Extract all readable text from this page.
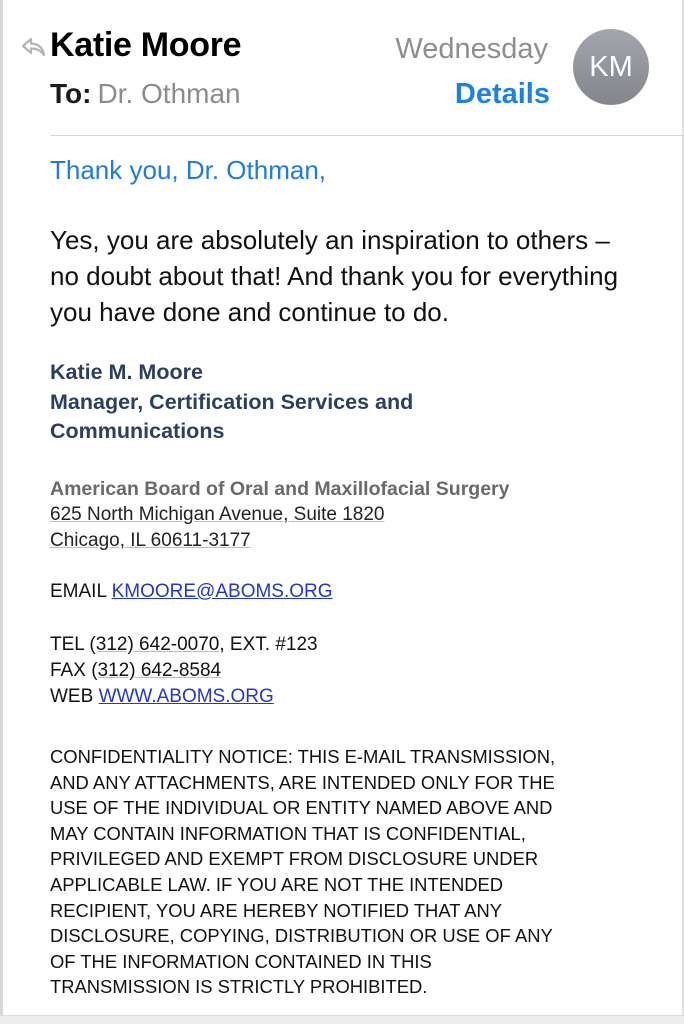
Katie Moore
To: Dr. Othman
Wednesday
Details
KM
Thank you, Dr. Othman,
Yes, you are absolutely an inspiration to others – no doubt about that! And thank you for everything you have done and continue to do.
Katie M. Moore
Manager, Certification Services and
Communications
American Board of Oral and Maxillofacial Surgery
625 North Michigan Avenue, Suite 1820
Chicago, IL 60611-3177
EMAIL KMOORE@ABOMS.ORG
TEL (312) 642-0070, EXT. #123
FAX (312) 642-8584
WEB WWW.ABOMS.ORG
CONFIDENTIALITY NOTICE: THIS E-MAIL TRANSMISSION,
AND ANY ATTACHMENTS, ARE INTENDED ONLY FOR THE
USE OF THE INDIVIDUAL OR ENTITY NAMED ABOVE AND
MAY CONTAIN INFORMATION THAT IS CONFIDENTIAL,
PRIVILEGED AND EXEMPT FROM DISCLOSURE UNDER
APPLICABLE LAW. IF YOU ARE NOT THE INTENDED
RECIPIENT, YOU ARE HEREBY NOTIFIED THAT ANY
DISCLOSURE, COPYING, DISTRIBUTION OR USE OF ANY
OF THE INFORMATION CONTAINED IN THIS
TRANSMISSION IS STRICTLY PROHIBITED.
